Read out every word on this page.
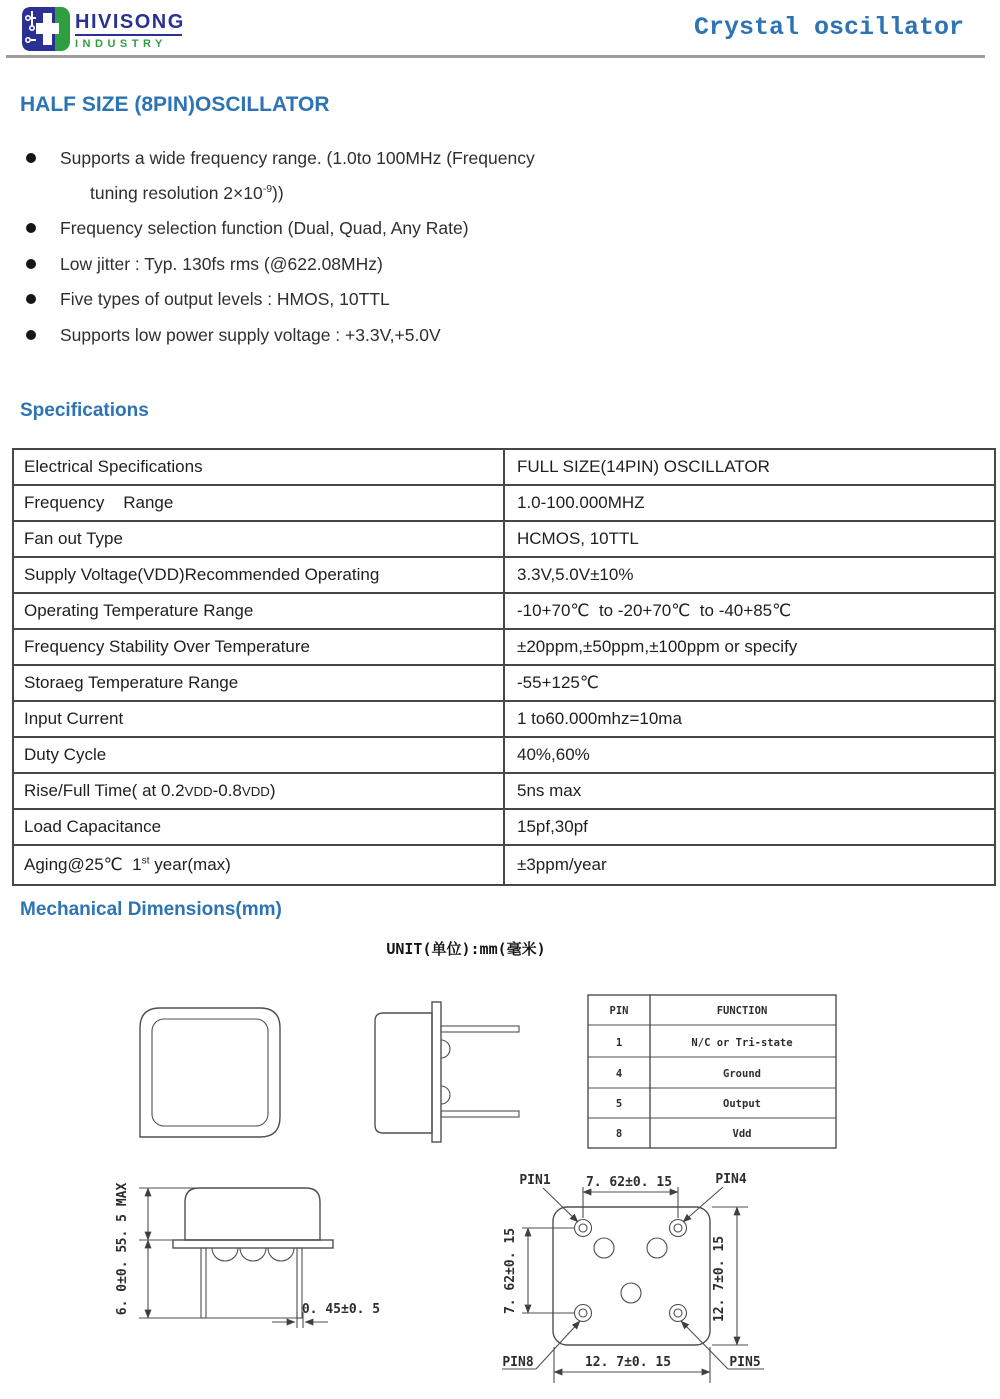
HIVISONG
INDUSTRY
Crystal oscillator
HALF SIZE (8PIN)OSCILLATOR
Supports a wide frequency range. (1.0to 100MHz (Frequency
tuning resolution $2\times 10^{-9}$))
Frequency selection function (Dual, Quad, Any Rate)
Low jitter : Typ. 130fs rms (@622.08MHz)
Five types of output levels : HMOS, 10TTL
Supports low power supply voltage : +3.3V,+5.0V
Specifications
Electrical Specifications	FULL SIZE(14PIN) OSCILLATOR
Frequency    Range	1.0-100.000MHZ
Fan out Type	HCMOS, 10TTL
Supply Voltage(VDD)Recommended Operating	3.3V,5.0V±10%
Operating Temperature Range	-10+70℃  to -20+70℃  to -40+85℃
Frequency Stability Over Temperature	±20ppm,±50ppm,±100ppm or specify
Storaeg Temperature Range	-55+125℃
Input Current	1 to60.000mhz=10ma
Duty Cycle	40%,60%
Rise/Full Time( at 0.2VDD-0.8VDD)	5ns max
Load Capacitance	15pf,30pf
Aging@25℃  1st year(max)	±3ppm/year
Mechanical Dimensions(mm)
UNIT(单位):mm(毫米)
PIN	FUNCTION
1	N/C or Tri-state
4	Ground
5	Output
8	Vdd
5. 5 MAX
6. 0±0. 5	0. 45±0. 5
7. 62±0. 15
PIN1	PIN4
7. 62±0. 15	12. 7±0. 15
12. 7±0. 15
PIN8	PIN5
